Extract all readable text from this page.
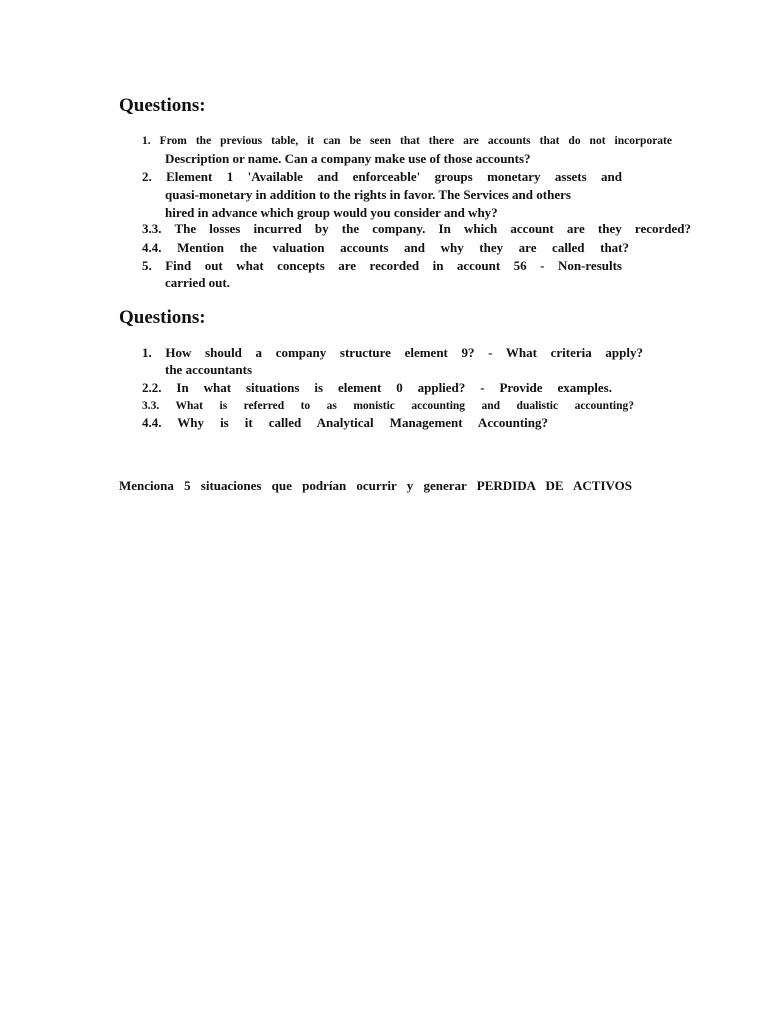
Questions:

1. From the previous table, it can be seen that there are accounts that do not incorporate

Description or name. Can a company make use of those accounts?

2. Element 1 'Available and enforceable' groups monetary assets and

quasi-monetary in addition to the rights in favor. The Services and others

hired in advance which group would you consider and why?

3.3. The losses incurred by the company. In which account are they recorded?

4.4. Mention the valuation accounts and why they are called that?

5. Find out what concepts are recorded in account 56 - Non-results

carried out.

Questions:

1. How should a company structure element 9? - What criteria apply?

the accountants

2.2. In what situations is element 0 applied? - Provide examples.

3.3. What is referred to as monistic accounting and dualistic accounting?

4.4. Why is it called Analytical Management Accounting?

Menciona 5 situaciones que podrían ocurrir y generar PERDIDA DE ACTIVOS
